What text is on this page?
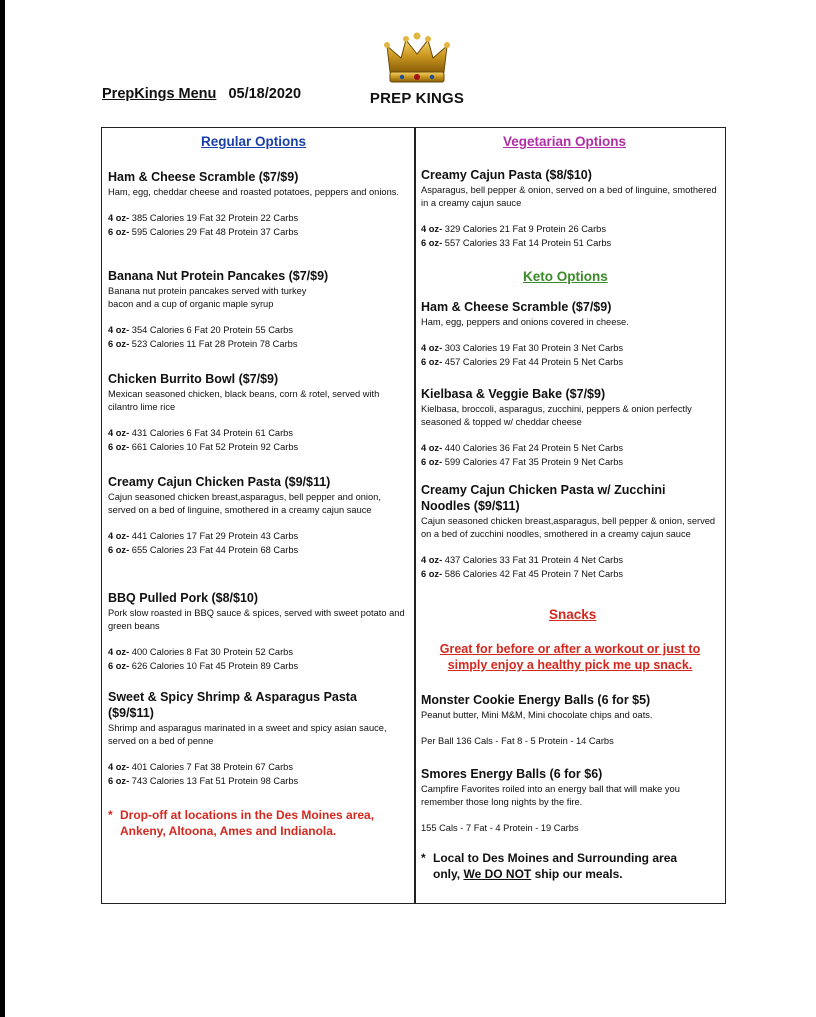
PrepKings Menu 05/18/2020	PREP KINGS
Regular Options
Ham & Cheese Scramble ($7/$9)
Ham, egg, cheddar cheese and roasted potatoes, peppers and onions.
4 oz- 385 Calories 19 Fat 32 Protein 22 Carbs
6 oz- 595 Calories 29 Fat 48 Protein 37 Carbs
Banana Nut Protein Pancakes ($7/$9)
Banana nut protein pancakes served with turkey bacon and a cup of organic maple syrup
4 oz- 354 Calories 6 Fat 20 Protein 55 Carbs
6 oz- 523 Calories 11 Fat 28 Protein 78 Carbs
Chicken Burrito Bowl ($7/$9)
Mexican seasoned chicken, black beans, corn & rotel, served with cilantro lime rice
4 oz- 431 Calories 6 Fat 34 Protein 61 Carbs
6 oz- 661 Calories 10 Fat 52 Protein 92 Carbs
Creamy Cajun Chicken Pasta ($9/$11)
Cajun seasoned chicken breast,asparagus, bell pepper and onion, served on a bed of linguine, smothered in a creamy cajun sauce
4 oz- 441 Calories 17 Fat 29 Protein 43 Carbs
6 oz- 655 Calories 23 Fat 44 Protein 68 Carbs
BBQ Pulled Pork ($8/$10)
Pork slow roasted in BBQ sauce & spices, served with sweet potato and green beans
4 oz- 400 Calories 8 Fat 30 Protein 52 Carbs
6 oz- 626 Calories 10 Fat 45 Protein 89 Carbs
Sweet & Spicy Shrimp & Asparagus Pasta ($9/$11)
Shrimp and asparagus marinated in a sweet and spicy asian sauce, served on a bed of penne
4 oz- 401 Calories 7 Fat 38 Protein 67 Carbs
6 oz- 743 Calories 13 Fat 51 Protein 98 Carbs
* Drop-off at locations in the Des Moines area,
Ankeny, Altoona, Ames and Indianola.
Vegetarian Options
Creamy Cajun Pasta ($8/$10)
Asparagus, bell pepper & onion, served on a bed of linguine, smothered in a creamy cajun sauce
4 oz- 329 Calories 21 Fat 9 Protein 26 Carbs
6 oz- 557 Calories 33 Fat 14 Protein 51 Carbs
Keto Options
Ham & Cheese Scramble ($7/$9)
Ham, egg, peppers and onions covered in cheese.
4 oz- 303 Calories 19 Fat 30 Protein 3 Net Carbs
6 oz- 457 Calories 29 Fat 44 Protein 5 Net Carbs
Kielbasa & Veggie Bake ($7/$9)
Kielbasa, broccoli, asparagus, zucchini, peppers & onion perfectly seasoned & topped w/ cheddar cheese
4 oz- 440 Calories 36 Fat 24 Protein 5 Net Carbs
6 oz- 599 Calories 47 Fat 35 Protein 9 Net Carbs
Creamy Cajun Chicken Pasta w/ Zucchini Noodles ($9/$11)
Cajun seasoned chicken breast,asparagus, bell pepper & onion, served on a bed of zucchini noodles, smothered in a creamy cajun sauce
4 oz- 437 Calories 33 Fat 31 Protein 4 Net Carbs
6 oz- 586 Calories 42 Fat 45 Protein 7 Net Carbs
Snacks
Great for before or after a workout or just to simply enjoy a healthy pick me up snack.
Monster Cookie Energy Balls (6 for $5)
Peanut butter, Mini M&M, Mini chocolate chips and oats.
Per Ball 136 Cals - Fat 8 - 5 Protein - 14 Carbs
Smores Energy Balls (6 for $6)
Campfire Favorites roiled into an energy ball that will make you remember those long nights by the fire.
155 Cals - 7 Fat - 4 Protein - 19 Carbs
* Local to Des Moines and Surrounding area
only, We DO NOT ship our meals.
